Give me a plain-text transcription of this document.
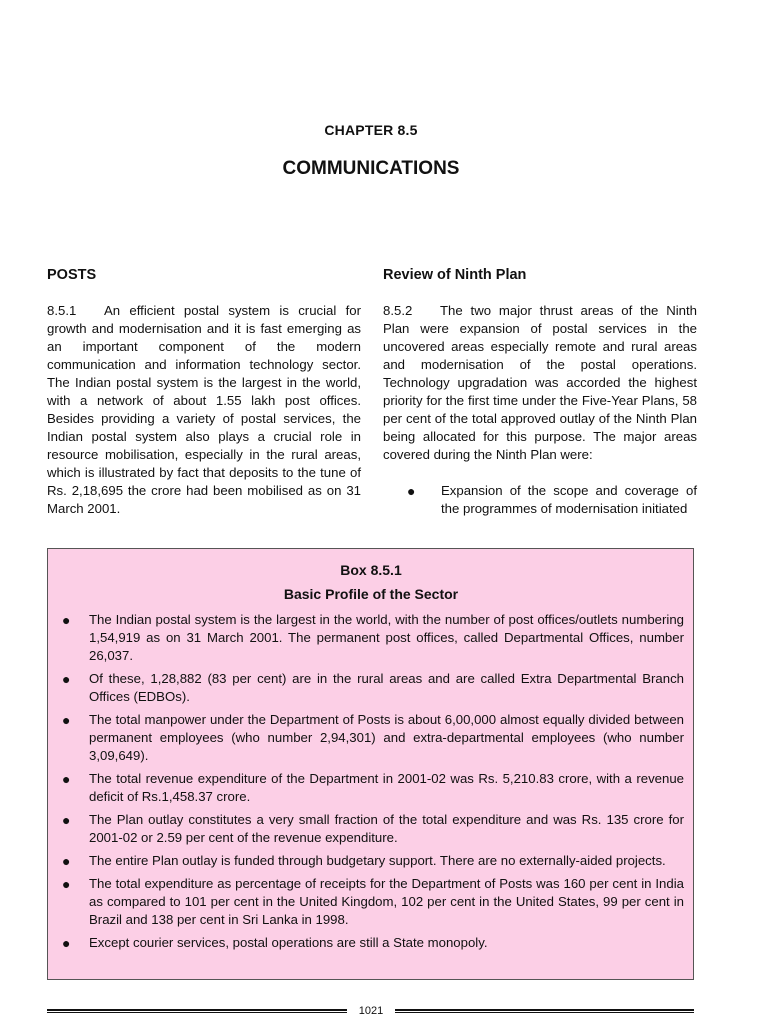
CHAPTER 8.5
COMMUNICATIONS
POSTS

8.5.1 An efficient postal system is crucial for growth and modernisation and it is fast emerging as an important component of the modern communication and information technology sector. The Indian postal system is the largest in the world, with a network of about 1.55 lakh post offices. Besides providing a variety of postal services, the Indian postal system also plays a crucial role in resource mobilisation, especially in the rural areas, which is illustrated by fact that deposits to the tune of Rs. 2,18,695 the crore had been mobilised as on 31 March 2001.

Review of Ninth Plan

8.5.2 The two major thrust areas of the Ninth Plan were expansion of postal services in the uncovered areas especially remote and rural areas and modernisation of the postal operations. Technology upgradation was accorded the highest priority for the first time under the Five-Year Plans, 58 per cent of the total approved outlay of the Ninth Plan being allocated for this purpose. The major areas covered during the Ninth Plan were:

● Expansion of the scope and coverage of the programmes of modernisation initiated
Box 8.5.1
Basic Profile of the Sector
● The Indian postal system is the largest in the world, with the number of post offices/outlets numbering 1,54,919 as on 31 March 2001. The permanent post offices, called Departmental Offices, number 26,037.
● Of these, 1,28,882 (83 per cent) are in the rural areas and are called Extra Departmental Branch Offices (EDBOs).
● The total manpower under the Department of Posts is about 6,00,000 almost equally divided between permanent employees (who number 2,94,301) and extra-departmental employees (who number 3,09,649).
● The total revenue expenditure of the Department in 2001-02 was Rs. 5,210.83 crore, with a revenue deficit of Rs.1,458.37 crore.
● The Plan outlay constitutes a very small fraction of the total expenditure and was Rs. 135 crore for 2001-02 or 2.59 per cent of the revenue expenditure.
● The entire Plan outlay is funded through budgetary support. There are no externally-aided projects.
● The total expenditure as percentage of receipts for the Department of Posts was 160 per cent in India as compared to 101 per cent in the United Kingdom, 102 per cent in the United States, 99 per cent in Brazil and 138 per cent in Sri Lanka in 1998.
● Except courier services, postal operations are still a State monopoly.
1021
